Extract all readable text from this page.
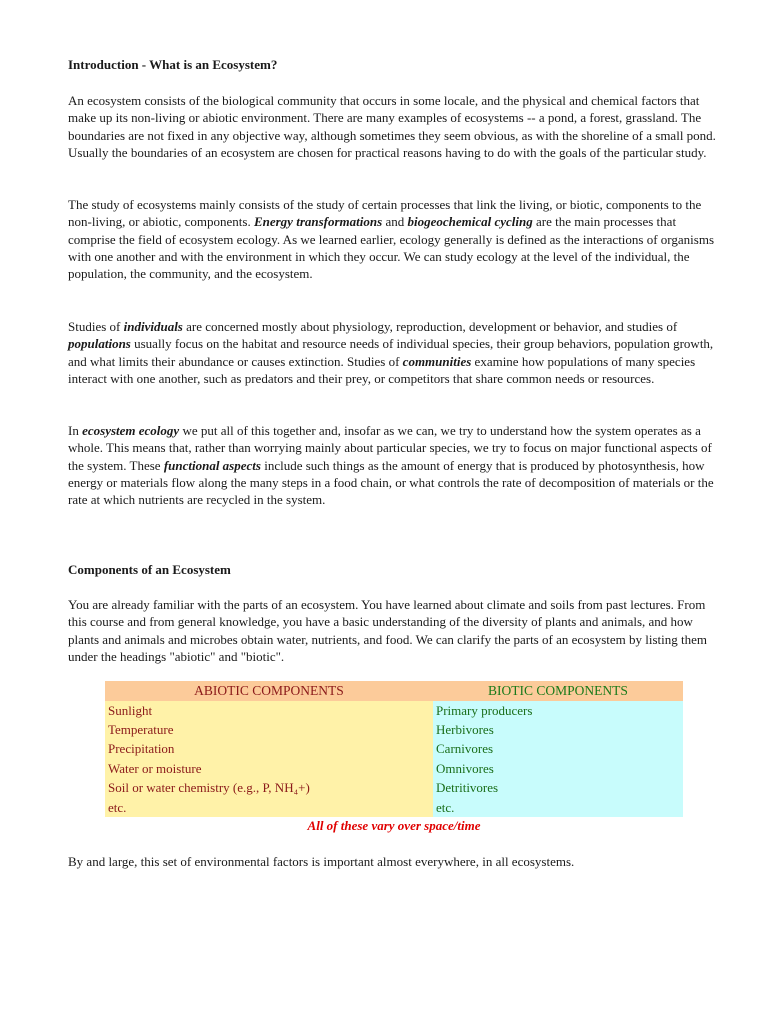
Introduction - What is an Ecosystem?

An ecosystem consists of the biological community that occurs in some locale, and the physical and chemical factors that make up its non-living or abiotic environment. There are many examples of ecosystems -- a pond, a forest, grassland. The boundaries are not fixed in any objective way, although sometimes they seem obvious, as with the shoreline of a small pond. Usually the boundaries of an ecosystem are chosen for practical reasons having to do with the goals of the particular study.

The study of ecosystems mainly consists of the study of certain processes that link the living, or biotic, components to the non-living, or abiotic, components. Energy transformations and biogeochemical cycling are the main processes that comprise the field of ecosystem ecology. As we learned earlier, ecology generally is defined as the interactions of organisms with one another and with the environment in which they occur. We can study ecology at the level of the individual, the population, the community, and the ecosystem.

Studies of individuals are concerned mostly about physiology, reproduction, development or behavior, and studies of populations usually focus on the habitat and resource needs of individual species, their group behaviors, population growth, and what limits their abundance or causes extinction. Studies of communities examine how populations of many species interact with one another, such as predators and their prey, or competitors that share common needs or resources.

In ecosystem ecology we put all of this together and, insofar as we can, we try to understand how the system operates as a whole. This means that, rather than worrying mainly about particular species, we try to focus on major functional aspects of the system. These functional aspects include such things as the amount of energy that is produced by photosynthesis, how energy or materials flow along the many steps in a food chain, or what controls the rate of decomposition of materials or the rate at which nutrients are recycled in the system.

Components of an Ecosystem

You are already familiar with the parts of an ecosystem. You have learned about climate and soils from past lectures. From this course and from general knowledge, you have a basic understanding of the diversity of plants and animals, and how plants and animals and microbes obtain water, nutrients, and food. We can clarify the parts of an ecosystem by listing them under the headings "abiotic" and "biotic".

ABIOTIC COMPONENTS	BIOTIC COMPONENTS
Sunlight	Primary producers
Temperature	Herbivores
Precipitation	Carnivores
Water or moisture	Omnivores
Soil or water chemistry (e.g., P, NH₄+)	Detritivores
etc.	etc.
All of these vary over space/time

By and large, this set of environmental factors is important almost everywhere, in all ecosystems.
